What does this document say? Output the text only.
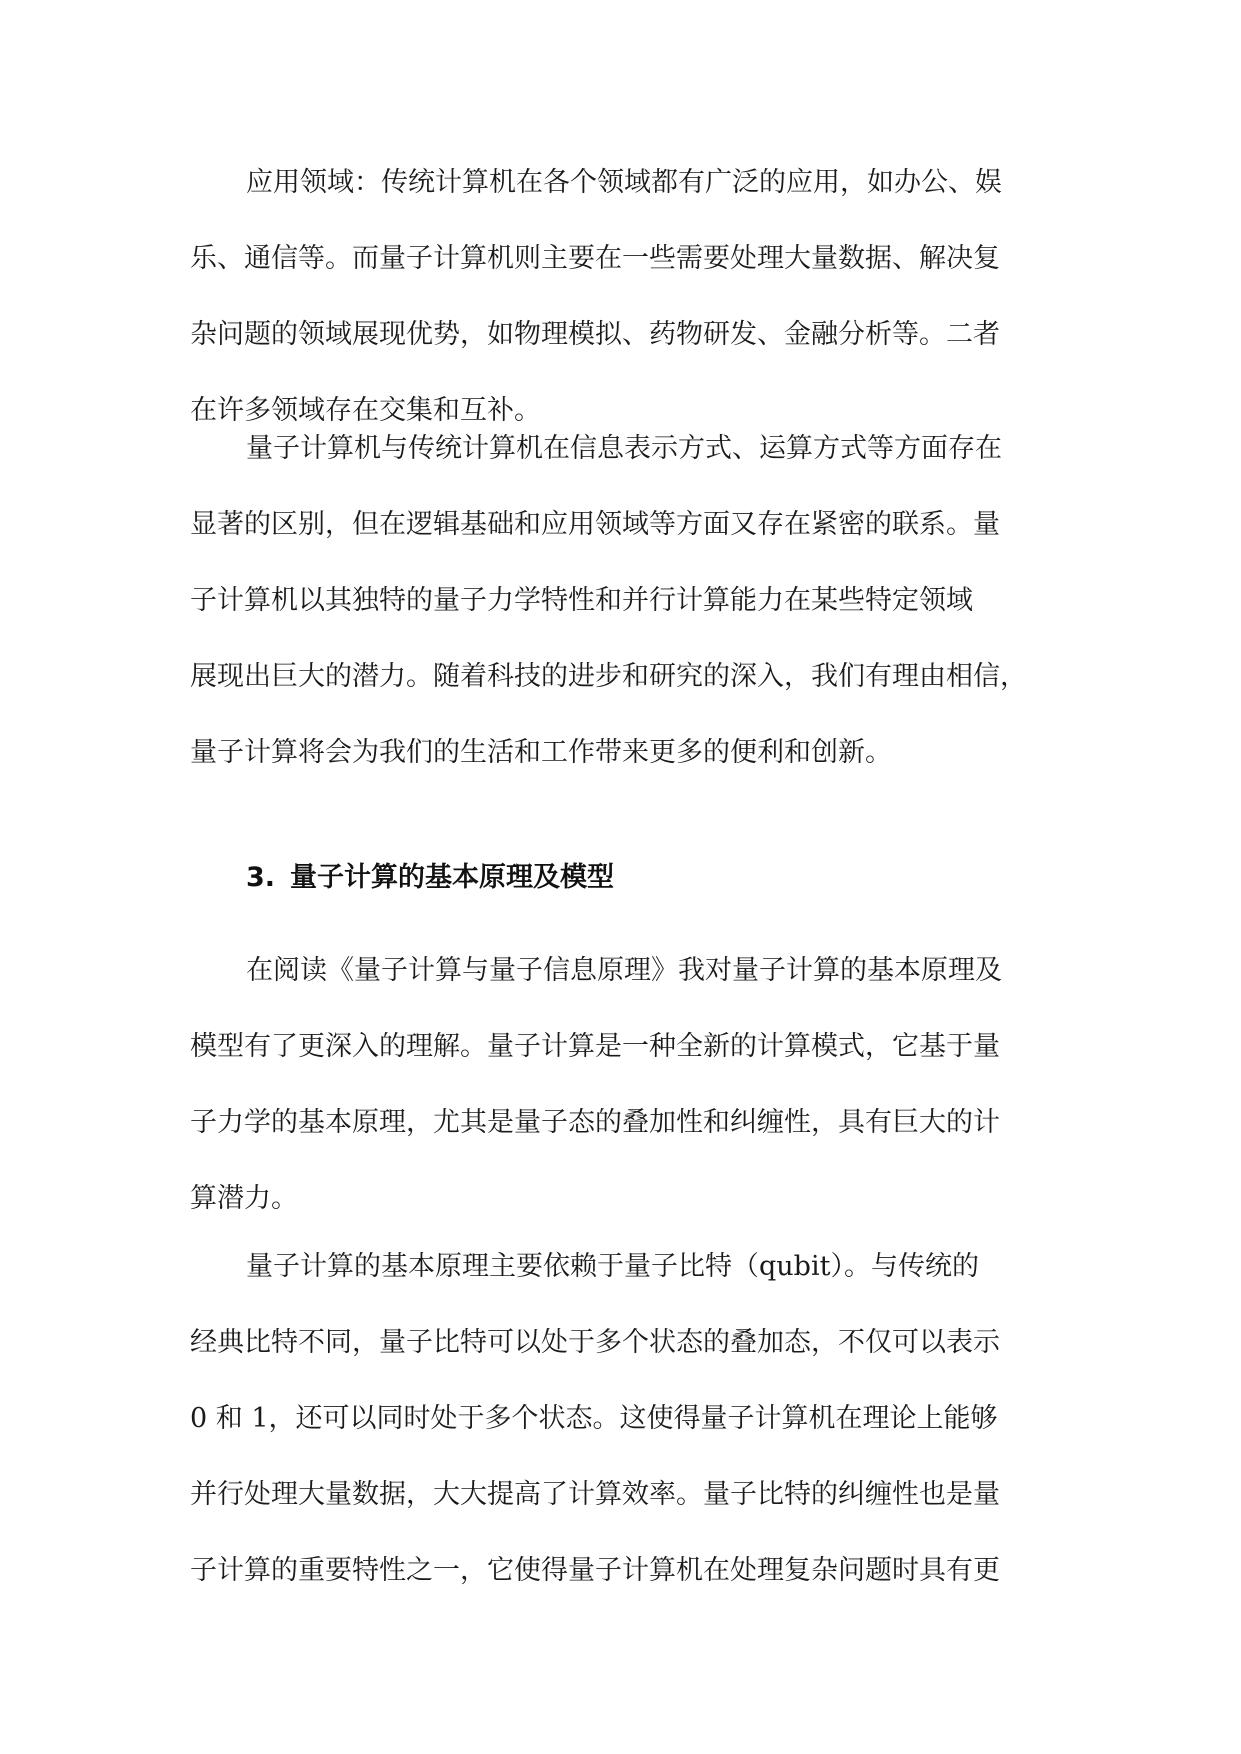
应用领域：传统计算机在各个领域都有广泛的应用，如办公、娱
乐、通信等。而量子计算机则主要在一些需要处理大量数据、解决复
杂问题的领域展现优势，如物理模拟、药物研发、金融分析等。二者
在许多领域存在交集和互补。

量子计算机与传统计算机在信息表示方式、运算方式等方面存在
显著的区别，但在逻辑基础和应用领域等方面又存在紧密的联系。量
子计算机以其独特的量子力学特性和并行计算能力在某些特定领域
展现出巨大的潜力。随着科技的进步和研究的深入，我们有理由相信，
量子计算将会为我们的生活和工作带来更多的便利和创新。

3. 量子计算的基本原理及模型

在阅读《量子计算与量子信息原理》我对量子计算的基本原理及
模型有了更深入的理解。量子计算是一种全新的计算模式，它基于量
子力学的基本原理，尤其是量子态的叠加性和纠缠性，具有巨大的计
算潜力。

量子计算的基本原理主要依赖于量子比特（qubit）。与传统的
经典比特不同，量子比特可以处于多个状态的叠加态，不仅可以表示
0 和 1，还可以同时处于多个状态。这使得量子计算机在理论上能够
并行处理大量数据，大大提高了计算效率。量子比特的纠缠性也是量
子计算的重要特性之一，它使得量子计算机在处理复杂问题时具有更
